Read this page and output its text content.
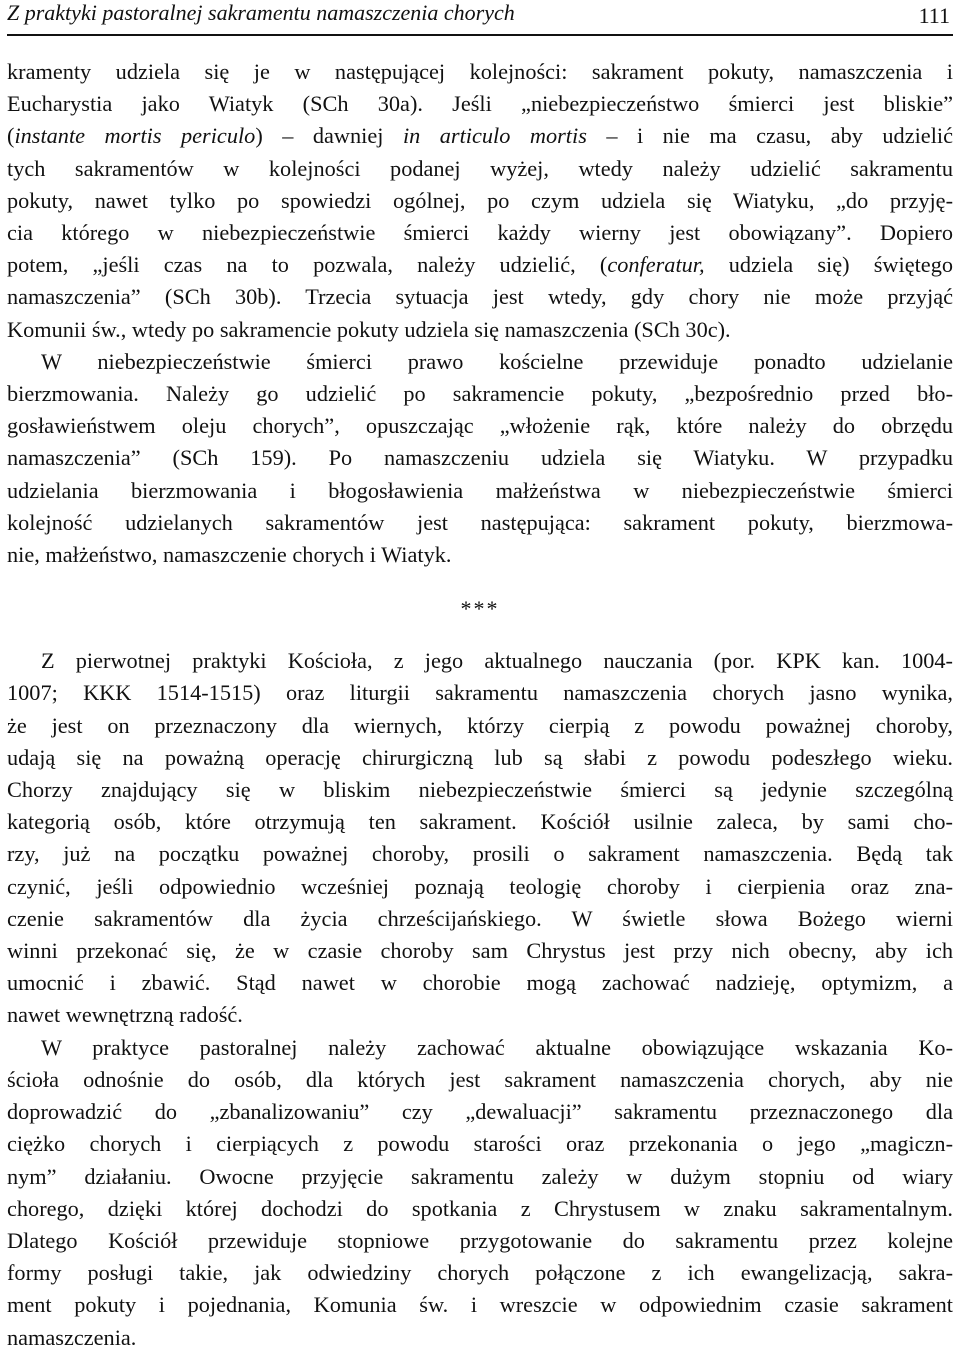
Z praktyki pastoralnej sakramentu namaszczenia chorych	111

kramenty udziela się je w następującej kolejności: sakrament pokuty, namaszczenia i
Eucharystia jako Wiatyk (SCh 30a). Jeśli „niebezpieczeństwo śmierci jest bliskie”
(instante mortis periculo) – dawniej in articulo mortis – i nie ma czasu, aby udzielić
tych sakramentów w kolejności podanej wyżej, wtedy należy udzielić sakramentu
pokuty, nawet tylko po spowiedzi ogólnej, po czym udziela się Wiatyku, „do przyję-
cia którego w niebezpieczeństwie śmierci każdy wierny jest obowiązany”. Dopiero
potem, „jeśli czas na to pozwala, należy udzielić, (conferatur, udziela się) świętego
namaszczenia” (SCh 30b). Trzecia sytuacja jest wtedy, gdy chory nie może przyjąć
Komunii św., wtedy po sakramencie pokuty udziela się namaszczenia (SCh 30c).

W niebezpieczeństwie śmierci prawo kościelne przewiduje ponadto udzielanie
bierzmowania. Należy go udzielić po sakramencie pokuty, „bezpośrednio przed bło-
gosławieństwem oleju chorych”, opuszczając „włożenie rąk, które należy do obrzędu
namaszczenia” (SCh 159). Po namaszczeniu udziela się Wiatyku. W przypadku
udzielania bierzmowania i błogosławienia małżeństwa w niebezpieczeństwie śmierci
kolejność udzielanych sakramentów jest następująca: sakrament pokuty, bierzmowa-
nie, małżeństwo, namaszczenie chorych i Wiatyk.

***

Z pierwotnej praktyki Kościoła, z jego aktualnego nauczania (por. KPK kan. 1004-
1007; KKK 1514-1515) oraz liturgii sakramentu namaszczenia chorych jasno wynika,
że jest on przeznaczony dla wiernych, którzy cierpią z powodu poważnej choroby,
udają się na poważną operację chirurgiczną lub są słabi z powodu podeszłego wieku.
Chorzy znajdujący się w bliskim niebezpieczeństwie śmierci są jedynie szczególną
kategorią osób, które otrzymują ten sakrament. Kościół usilnie zaleca, by sami cho-
rzy, już na początku poważnej choroby, prosili o sakrament namaszczenia. Będą tak
czynić, jeśli odpowiednio wcześniej poznają teologię choroby i cierpienia oraz zna-
czenie sakramentów dla życia chrześcijańskiego. W świetle słowa Bożego wierni
winni przekonać się, że w czasie choroby sam Chrystus jest przy nich obecny, aby ich
umocnić i zbawić. Stąd nawet w chorobie mogą zachować nadzieję, optymizm, a
nawet wewnętrzną radość.

W praktyce pastoralnej należy zachować aktualne obowiązujące wskazania Ko-
ścioła odnośnie do osób, dla których jest sakrament namaszczenia chorych, aby nie
doprowadzić do „zbanalizowaniu” czy „dewaluacji” sakramentu przeznaczonego dla
ciężko chorych i cierpiących z powodu starości oraz przekonania o jego „magiczn-
nym” działaniu. Owocne przyjęcie sakramentu zależy w dużym stopniu od wiary
chorego, dzięki której dochodzi do spotkania z Chrystusem w znaku sakramentalnym.
Dlatego Kościół przewiduje stopniowe przygotowanie do sakramentu przez kolejne
formy posługi takie, jak odwiedziny chorych połączone z ich ewangelizacją, sakra-
ment pokuty i pojednania, Komunia św. i wreszcie w odpowiednim czasie sakrament
namaszczenia.
